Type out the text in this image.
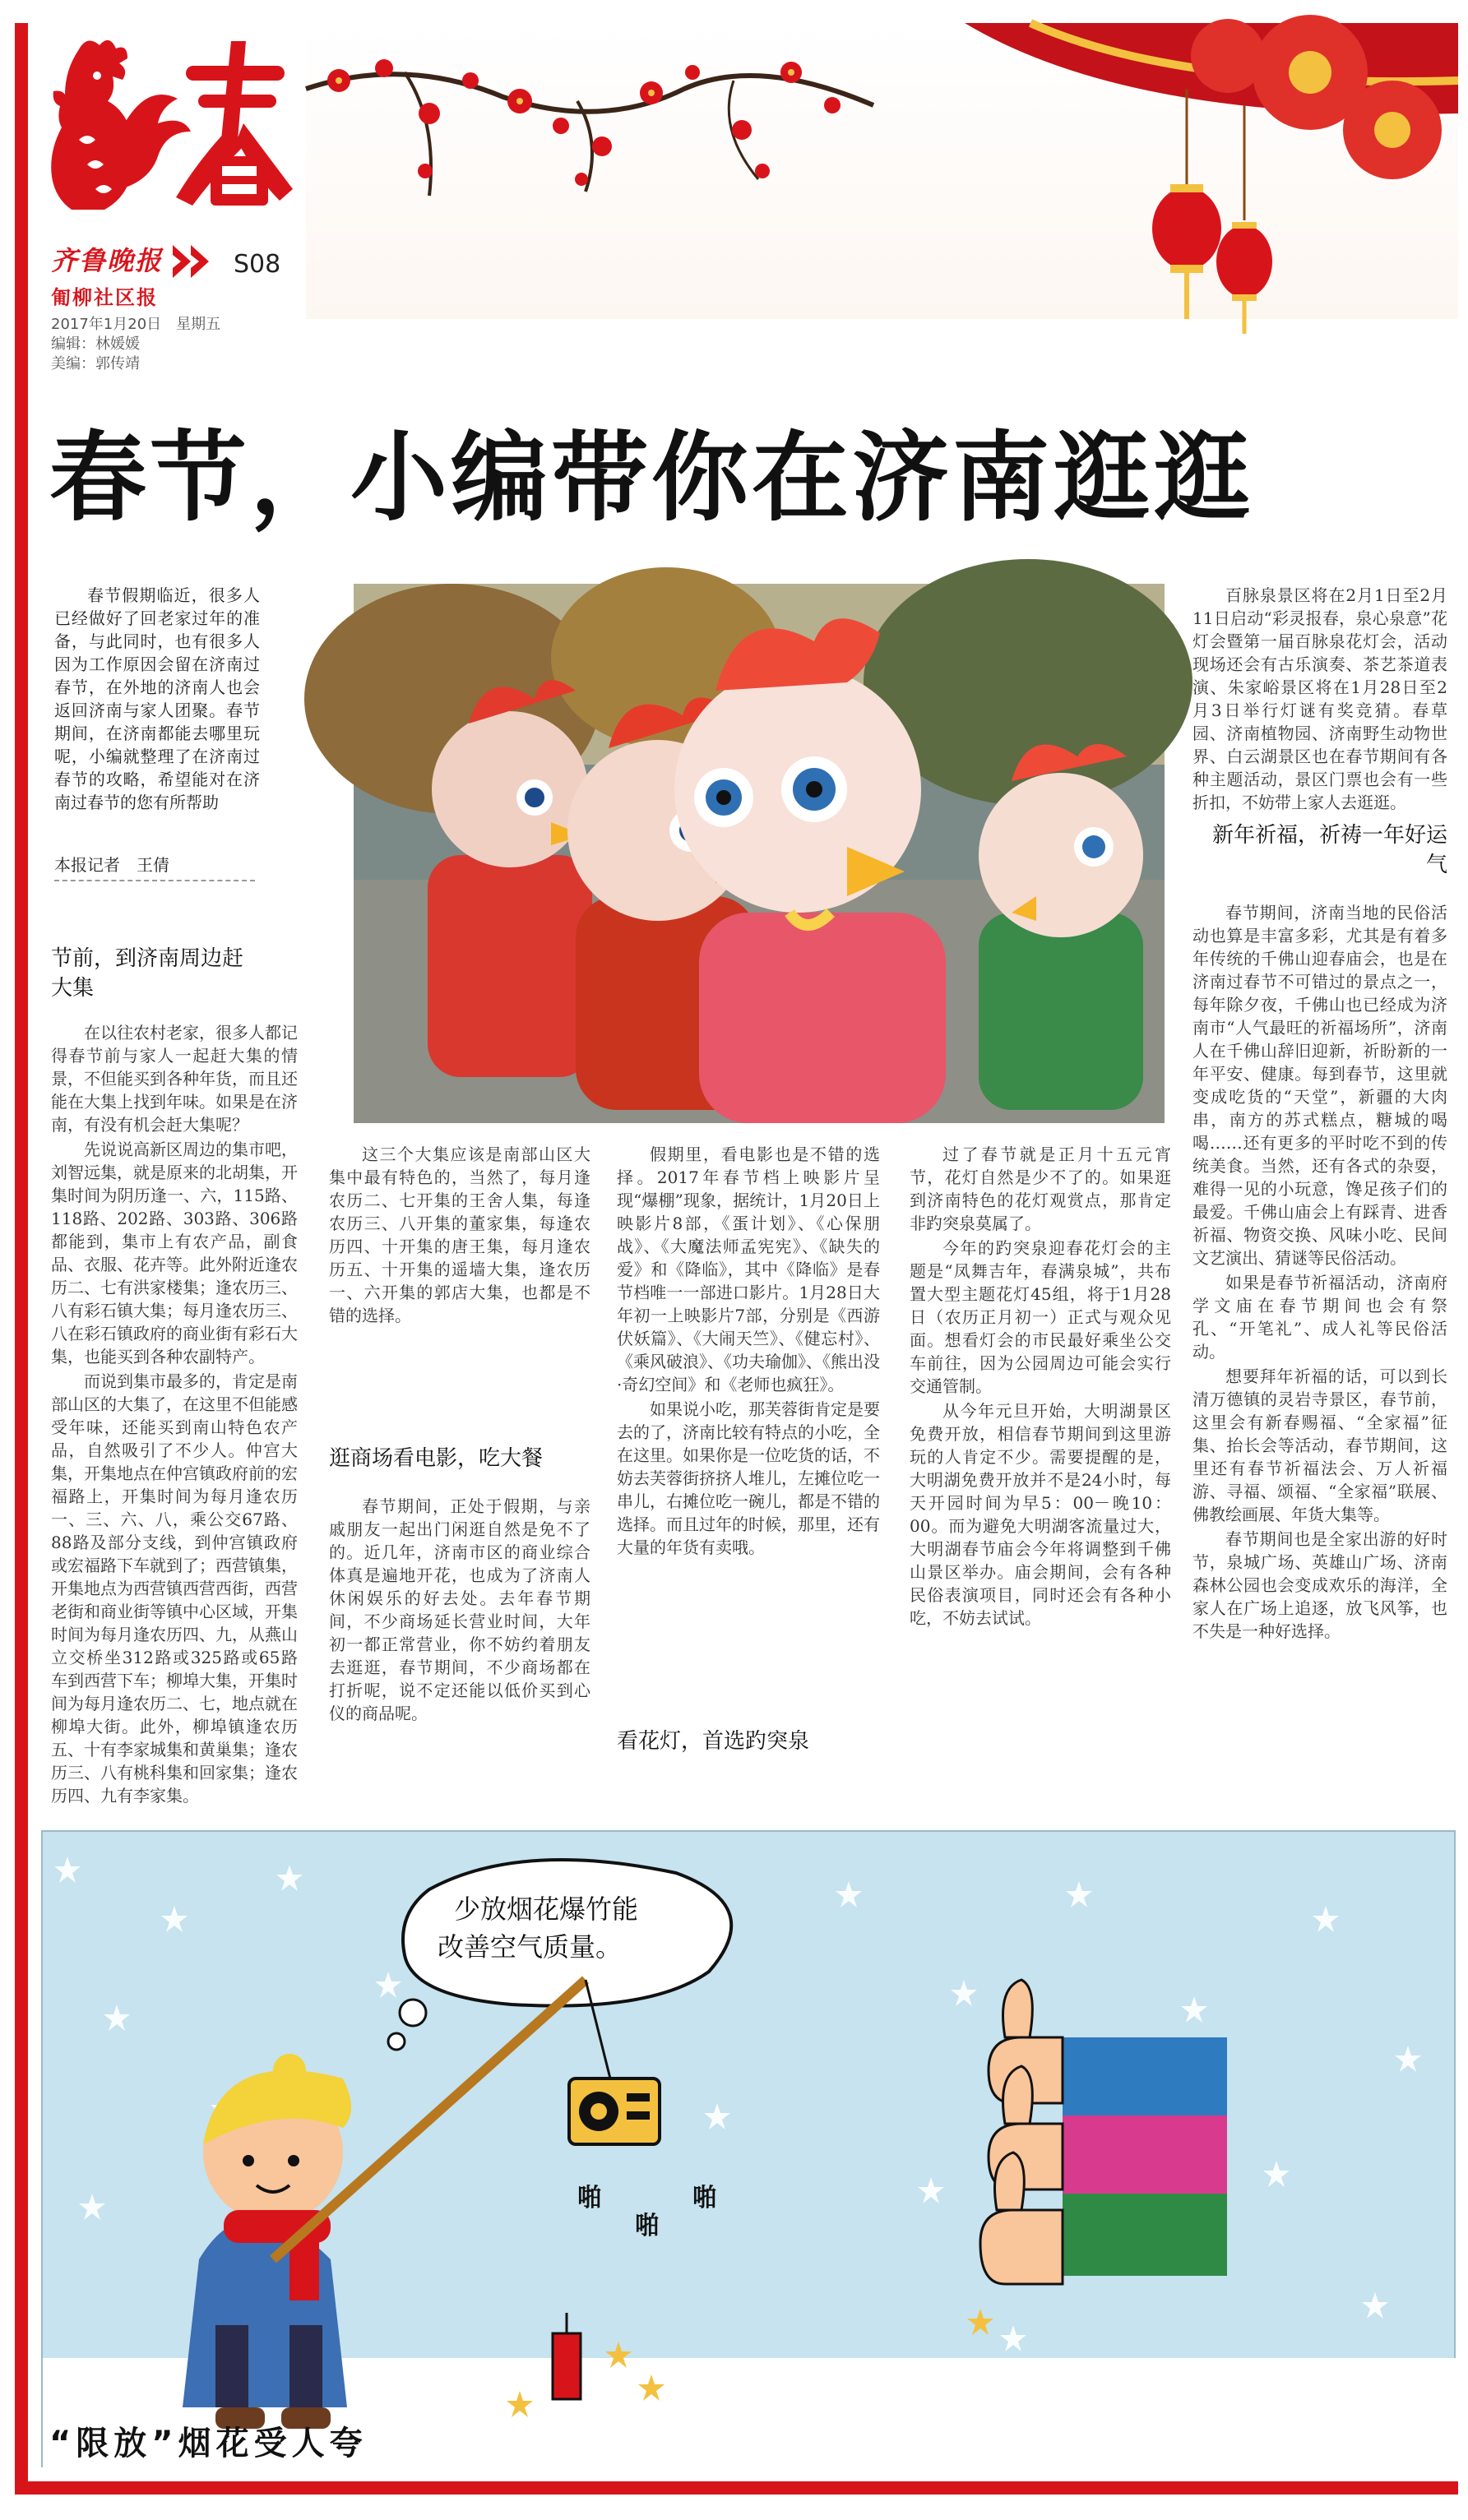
齐鲁晚报
匍柳社区报
S08
2017年1月20日　星期五
编辑：林媛媛
美编：郭传靖
春节，小编带你在济南逛逛
春节假期临近，很多人已经做好了回老家过年的准备，与此同时，也有很多人因为工作原因会留在济南过春节，在外地的济南人也会返回济南与家人团聚。春节期间，在济南都能去哪里玩呢，小编就整理了在济南过春节的攻略，希望能对在济南过春节的您有所帮助
本报记者　王倩
节前，到济南周边赶大集

在以往农村老家，很多人都记得春节前与家人一起赶大集的情景，不但能买到各种年货，而且还能在大集上找到年味。如果是在济南，有没有机会赶大集呢？

先说说高新区周边的集市吧，刘智远集，就是原来的北胡集，开集时间为阴历逢一、六，115路、118路、202路、303路、306路都能到，集市上有农产品，副食品、衣服、花卉等。此外附近逢农历二、七有洪家楼集；逢农历三、八有彩石镇大集；每月逢农历三、八在彩石镇政府的商业街有彩石大集，也能买到各种农副特产。

而说到集市最多的，肯定是南部山区的大集了，在这里不但能感受年味，还能买到南山特色农产品，自然吸引了不少人。仲宫大集，开集地点在仲宫镇政府前的宏福路上，开集时间为每月逢农历一、三、六、八，乘公交67路、88路及部分支线，到仲宫镇政府或宏福路下车就到了；西营镇集，开集地点为西营镇西营西街，西营老街和商业街等镇中心区域，开集时间为每月逢农历四、九，从燕山立交桥坐312路或325路或65路车到西营下车；柳埠大集，开集时间为每月逢农历二、七，地点就在柳埠大街。此外，柳埠镇逢农历五、十有李家城集和黄巢集；逢农历三、八有桃科集和回家集；逢农历四、九有李家集。

这三个大集应该是南部山区大集中最有特色的，当然了，每月逢农历二、七开集的王舍人集，每逢农历三、八开集的董家集，每逢农历四、十开集的唐王集，每月逢农历五、十开集的遥墙大集，逢农历一、六开集的郭店大集，也都是不错的选择。

逛商场看电影，吃大餐

春节期间，正处于假期，与亲戚朋友一起出门闲逛自然是免不了的。近几年，济南市区的商业综合体真是遍地开花，也成为了济南人休闲娱乐的好去处。去年春节期间，不少商场延长营业时间，大年初一都正常营业，你不妨约着朋友去逛逛，春节期间，不少商场都在打折呢，说不定还能以低价买到心仪的商品呢。

假期里，看电影也是不错的选择。2017年春节档上映影片呈现“爆棚”现象，据统计，1月20日上映影片8部，《蛋计划》、《心保朋战》、《大魔法师孟宪宪》、《缺失的爱》和《降临》，其中《降临》是春节档唯一一部进口影片。1月28日大年初一上映影片7部，分别是《西游伏妖篇》、《大闹天竺》、《健忘村》、《乘风破浪》、《功夫瑜伽》、《熊出没·奇幻空间》和《老师也疯狂》。

如果说小吃，那芙蓉街肯定是要去的了，济南比较有特点的小吃，全在这里。如果你是一位吃货的话，不妨去芙蓉街挤挤人堆儿，左摊位吃一串儿，右摊位吃一碗儿，都是不错的选择。而且过年的时候，那里，还有大量的年货有卖哦。

看花灯，首选趵突泉

过了春节就是正月十五元宵节，花灯自然是少不了的。如果逛到济南特色的花灯观赏点，那肯定非趵突泉莫属了。

今年的趵突泉迎春花灯会的主题是“凤舞吉年，春满泉城”，共布置大型主题花灯45组，将于1月28日（农历正月初一）正式与观众见面。想看灯会的市民最好乘坐公交车前往，因为公园周边可能会实行交通管制。

从今年元旦开始，大明湖景区免费开放，相信春节期间到这里游玩的人肯定不少。需要提醒的是，大明湖免费开放并不是24小时，每天开园时间为早5：00－晚10：00。而为避免大明湖客流量过大，大明湖春节庙会今年将调整到千佛山景区举办。庙会期间，会有各种民俗表演项目，同时还会有各种小吃，不妨去试试。

百脉泉景区将在2月1日至2月11日启动“彩灵报春，泉心泉意”花灯会暨第一届百脉泉花灯会，活动现场还会有古乐演奏、茶艺茶道表演、朱家峪景区将在1月28日至2月3日举行灯谜有奖竞猜。春草园、济南植物园、济南野生动物世界、白云湖景区也在春节期间有各种主题活动，景区门票也会有一些折扣，不妨带上家人去逛逛。

新年祈福，祈祷一年好运气

春节期间，济南当地的民俗活动也算是丰富多彩，尤其是有着多年传统的千佛山迎春庙会，也是在济南过春节不可错过的景点之一，每年除夕夜，千佛山也已经成为济南市“人气最旺的祈福场所”，济南人在千佛山辞旧迎新，祈盼新的一年平安、健康。每到春节，这里就变成吃货的“天堂”，新疆的大肉串，南方的苏式糕点，糖城的喝喝……还有更多的平时吃不到的传统美食。当然，还有各式的杂耍，难得一见的小玩意，馋足孩子们的最爱。千佛山庙会上有踩青、进香祈福、物资交换、风味小吃、民间文艺演出、猜谜等民俗活动。

如果是春节祈福活动，济南府学文庙在春节期间也会有祭孔、“开笔礼”、成人礼等民俗活动。

想要拜年祈福的话，可以到长清万德镇的灵岩寺景区，春节前，这里会有新春赐福、“全家福”征集、抬长会等活动，春节期间，这里还有春节祈福法会、万人祈福游、寻福、颂福、“全家福”联展、佛教绘画展、年货大集等。

春节期间也是全家出游的好时节，泉城广场、英雄山广场、济南森林公园也会变成欢乐的海洋，全家人在广场上追逐，放飞风筝，也不失是一种好选择。

少放烟花爆竹能
改善空气质量。
啪
啪
啪
“限放”烟花受人夸
